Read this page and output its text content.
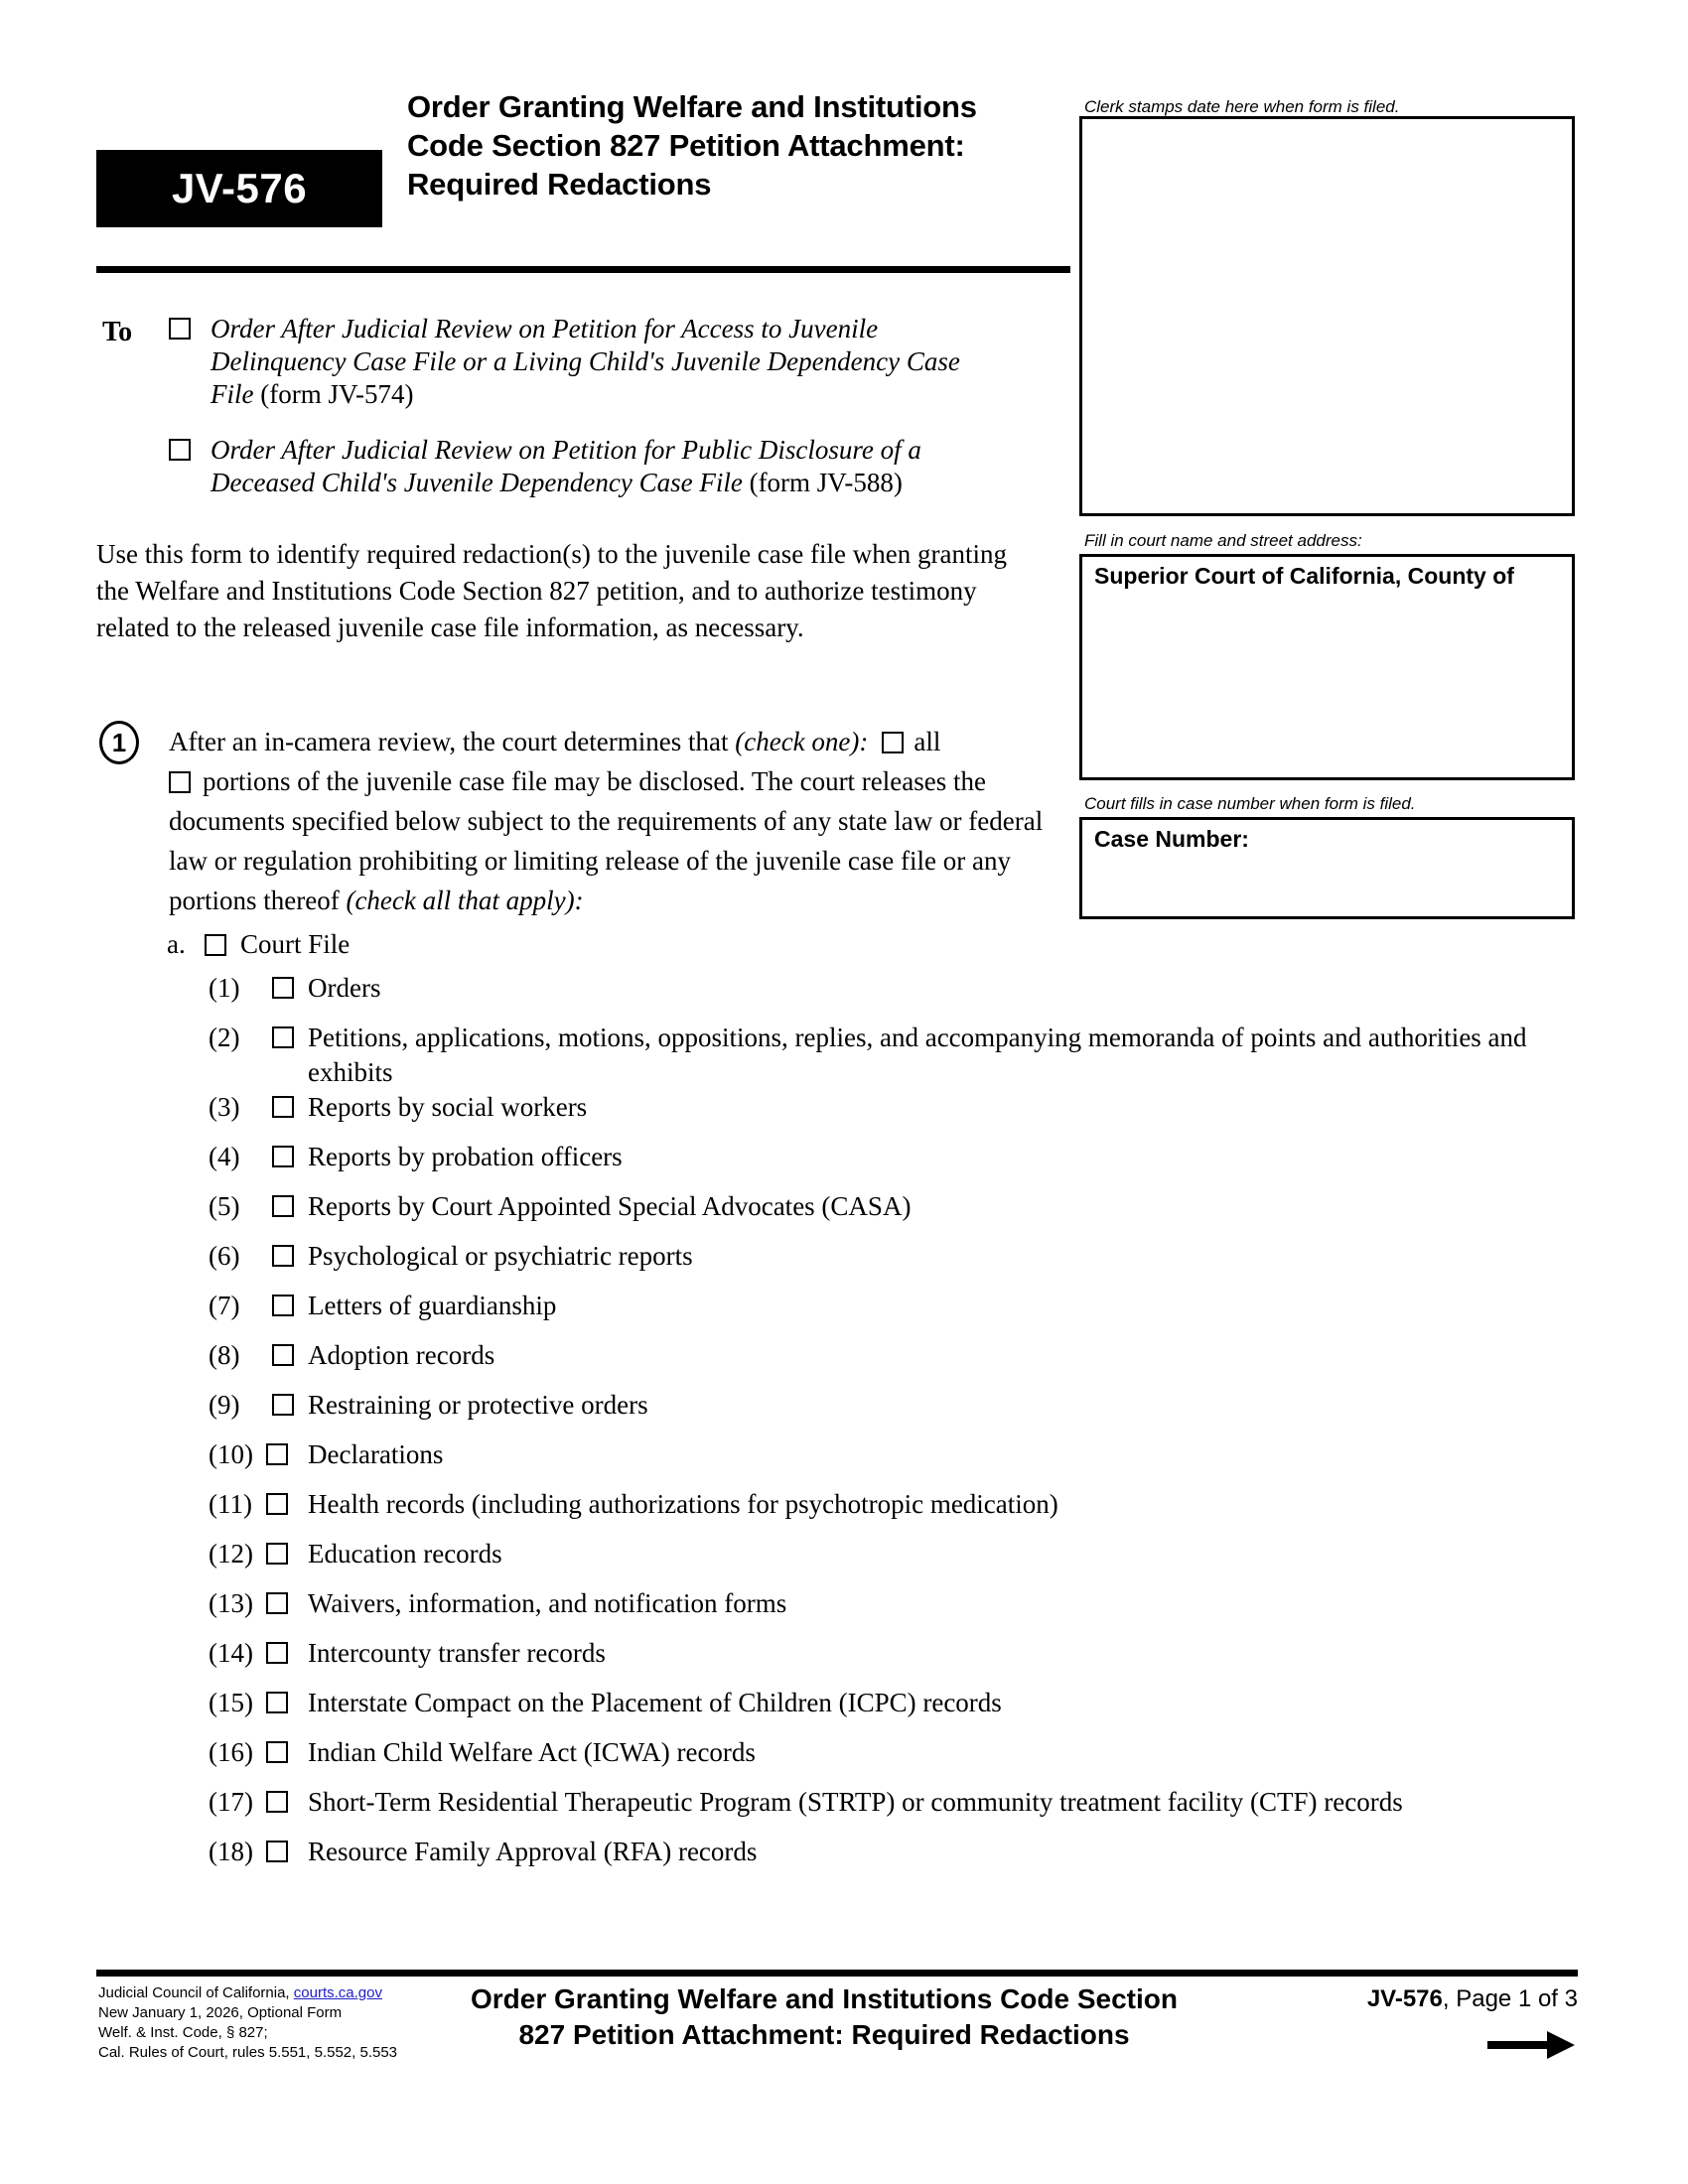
JV-576
Order Granting Welfare and Institutions Code Section 827 Petition Attachment: Required Redactions
Clerk stamps date here when form is filed.
Fill in court name and street address:
Superior Court of California, County of
Court fills in case number when form is filed.
Case Number:
To	Order After Judicial Review on Petition for Access to Juvenile Delinquency Case File or a Living Child's Juvenile Dependency Case File (form JV-574)
Order After Judicial Review on Petition for Public Disclosure of a Deceased Child's Juvenile Dependency Case File (form JV-588)
Use this form to identify required redaction(s) to the juvenile case file when granting the Welfare and Institutions Code Section 827 petition, and to authorize testimony related to the released juvenile case file information, as necessary.
1 After an in-camera review, the court determines that (check one): all
portions of the juvenile case file may be disclosed. The court releases the documents specified below subject to the requirements of any state law or federal law or regulation prohibiting or limiting release of the juvenile case file or any portions thereof (check all that apply):
a. Court File
(1)	Orders
(2)	Petitions, applications, motions, oppositions, replies, and accompanying memoranda of points and authorities and exhibits
(3)	Reports by social workers
(4)	Reports by probation officers
(5)	Reports by Court Appointed Special Advocates (CASA)
(6)	Psychological or psychiatric reports
(7)	Letters of guardianship
(8)	Adoption records
(9)	Restraining or protective orders
(10)	Declarations
(11)	Health records (including authorizations for psychotropic medication)
(12)	Education records
(13)	Waivers, information, and notification forms
(14)	Intercounty transfer records
(15)	Interstate Compact on the Placement of Children (ICPC) records
(16)	Indian Child Welfare Act (ICWA) records
(17)	Short-Term Residential Therapeutic Program (STRTP) or community treatment facility (CTF) records
(18)	Resource Family Approval (RFA) records
Judicial Council of California, courts.ca.gov
New January 1, 2026, Optional Form
Welf. & Inst. Code, § 827;
Cal. Rules of Court, rules 5.551, 5.552, 5.553
Order Granting Welfare and Institutions Code Section
827 Petition Attachment: Required Redactions
JV-576, Page 1 of 3
